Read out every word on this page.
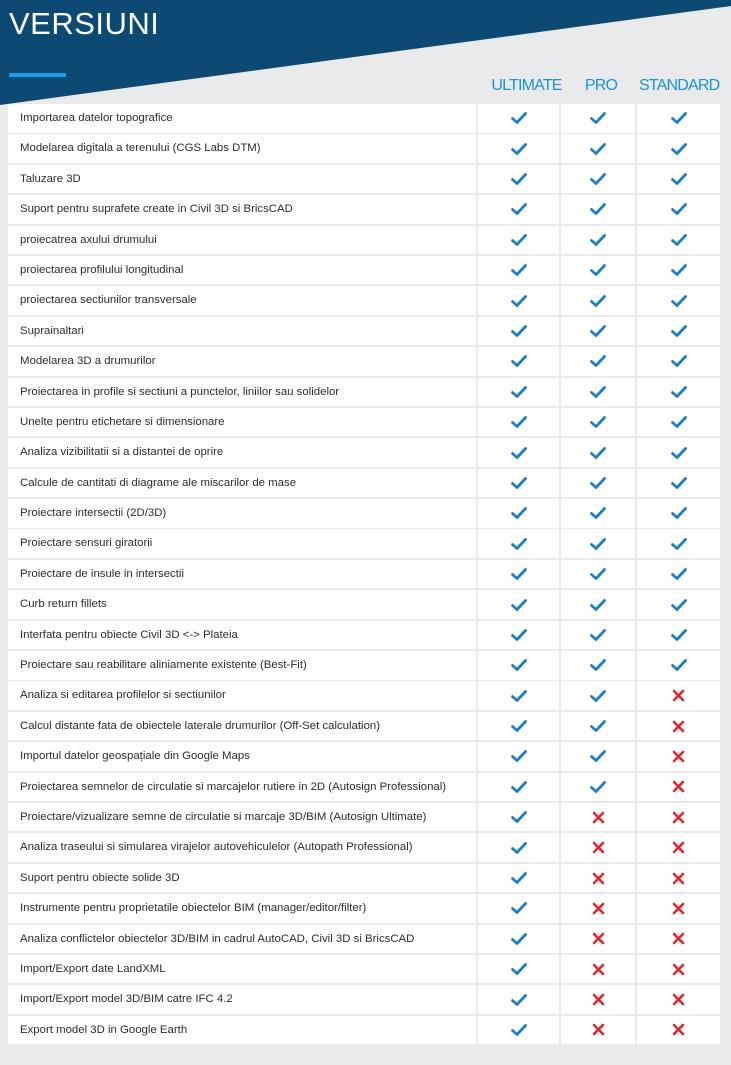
VERSIUNI
ULTIMATE	PRO	STANDARD
Importarea datelor topografice
Modelarea digitala a terenului (CGS Labs DTM)
Taluzare 3D
Suport pentru suprafete create in Civil 3D si BricsCAD
proiecatrea axului drumului
proiectarea profilului longitudinal
proiectarea sectiunilor transversale
Suprainaltari
Modelarea 3D a drumurilor
Proiectarea in profile si sectiuni a punctelor, liniilor sau solidelor
Unelte pentru etichetare si dimensionare
Analiza vizibilitatii si a distantei de oprire
Calcule de cantitati di diagrame ale miscarilor de mase
Proiectare intersectii (2D/3D)
Proiectare sensuri giratorii
Proiectare de insule in intersectii
Curb return fillets
Interfata pentru obiecte Civil 3D <-> Plateia
Proiectare sau reabilitare aliniamente existente (Best-Fit)
Analiza si editarea profilelor si sectiunilor
Calcul distante fata de obiectele laterale drumurilor (Off-Set calculation)
Importul datelor geospațiale din Google Maps
Proiectarea semnelor de circulatie si marcajelor rutiere in 2D (Autosign Professional)
Proiectare/vizualizare semne de circulatie si marcaje 3D/BIM (Autosign Ultimate)
Analiza traseului si simularea virajelor autovehiculelor (Autopath Professional)
Suport pentru obiecte solide 3D
Instrumente pentru proprietatile obiectelor BIM (manager/editor/filter)
Analiza conflictelor obiectelor 3D/BIM in cadrul AutoCAD, Civil 3D si BricsCAD
Import/Export date LandXML
Import/Export model 3D/BIM catre IFC 4.2
Export model 3D in Google Earth
